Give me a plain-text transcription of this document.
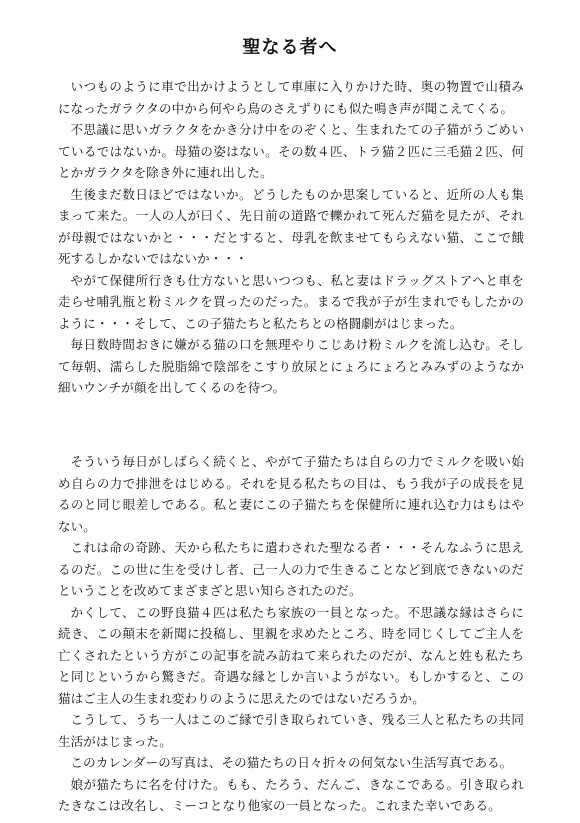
聖なる者へ

いつものように車で出かけようとして車庫に入りかけた時、奥の物置で山積みになったガラクタの中から何やら鳥のさえずりにも似た鳴き声が聞こえてくる。

不思議に思いガラクタをかき分け中をのぞくと、生まれたての子猫がうごめいているではないか。母猫の姿はない。その数４匹、トラ猫２匹に三毛猫２匹、何とかガラクタを除き外に連れ出した。

生後まだ数日ほどではないか。どうしたものか思案していると、近所の人も集まって来た。一人の人が曰く、先日前の道路で轢かれて死んだ猫を見たが、それが母親ではないかと・・・だとすると、母乳を飲ませてもらえない猫、ここで餓死するしかないではないか・・・

やがて保健所行きも仕方ないと思いつつも、私と妻はドラッグストアへと車を走らせ哺乳瓶と粉ミルクを買ったのだった。まるで我が子が生まれでもしたかのように・・・そして、この子猫たちと私たちとの格闘劇がはじまった。

毎日数時間おきに嫌がる猫の口を無理やりこじあけ粉ミルクを流し込む。そして毎朝、濡らした脱脂綿で陰部をこすり放尿とにょろにょろとみみずのようなか細いウンチが顔を出してくるのを待つ。

そういう毎日がしばらく続くと、やがて子猫たちは自らの力でミルクを吸い始め自らの力で排泄をはじめる。それを見る私たちの目は、もう我が子の成長を見るのと同じ眼差しである。私と妻にこの子猫たちを保健所に連れ込む力はもはやない。

これは命の奇跡、天から私たちに遣わされた聖なる者・・・そんなふうに思えるのだ。この世に生を受けし者、己一人の力で生きることなど到底できないのだということを改めてまざまざと思い知らされたのだ。

かくして、この野良猫４匹は私たち家族の一員となった。不思議な縁はさらに続き、この顛末を新聞に投稿し、里親を求めたところ、時を同じくしてご主人を亡くされたという方がこの記事を読み訪ねて来られたのだが、なんと姓も私たちと同じというから驚きだ。奇遇な縁としか言いようがない。もしかすると、この猫はご主人の生まれ変わりのように思えたのではないだろうか。

こうして、うち一人はこのご縁で引き取られていき、残る三人と私たちの共同生活がはじまった。

このカレンダーの写真は、その猫たちの日々折々の何気ない生活写真である。

娘が猫たちに名を付けた。もも、たろう、だんご、きなこである。引き取られたきなこは改名し、ミーコとなり他家の一員となった。これまた幸いである。
